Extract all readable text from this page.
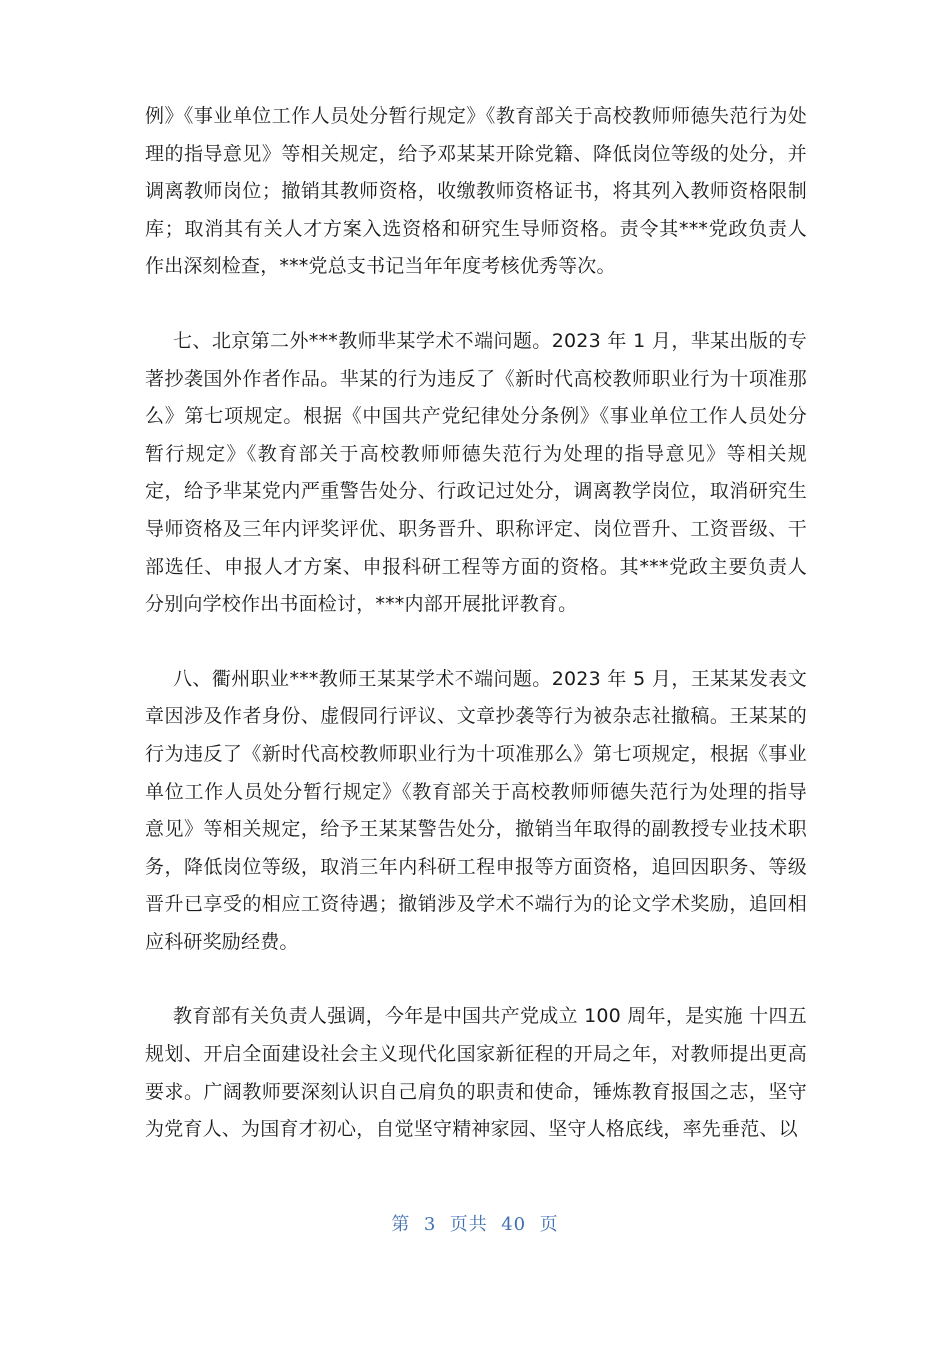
例》《事业单位工作人员处分暂行规定》《教育部关于高校教师师德失范行为处理的指导意见》等相关规定，给予邓某某开除党籍、降低岗位等级的处分，并调离教师岗位；撤销其教师资格，收缴教师资格证书，将其列入教师资格限制库；取消其有关人才方案入选资格和研究生导师资格。责令其***党政负责人作出深刻检查，***党总支书记当年年度考核优秀等次。

七、北京第二外***教师芈某学术不端问题。2023 年 1 月，芈某出版的专著抄袭国外作者作品。芈某的行为违反了《新时代高校教师职业行为十项准那么》第七项规定。根据《中国共产党纪律处分条例》《事业单位工作人员处分暂行规定》《教育部关于高校教师师德失范行为处理的指导意见》等相关规定，给予芈某党内严重警告处分、行政记过处分，调离教学岗位，取消研究生导师资格及三年内评奖评优、职务晋升、职称评定、岗位晋升、工资晋级、干部选任、申报人才方案、申报科研工程等方面的资格。其***党政主要负责人分别向学校作出书面检讨，***内部开展批评教育。

八、衢州职业***教师王某某学术不端问题。2023 年 5 月，王某某发表文章因涉及作者身份、虚假同行评议、文章抄袭等行为被杂志社撤稿。王某某的行为违反了《新时代高校教师职业行为十项准那么》第七项规定，根据《事业单位工作人员处分暂行规定》《教育部关于高校教师师德失范行为处理的指导意见》等相关规定，给予王某某警告处分，撤销当年取得的副教授专业技术职务，降低岗位等级，取消三年内科研工程申报等方面资格，追回因职务、等级晋升已享受的相应工资待遇；撤销涉及学术不端行为的论文学术奖励，追回相应科研奖励经费。

教育部有关负责人强调，今年是中国共产党成立 100 周年，是实施 十四五规划、开启全面建设社会主义现代化国家新征程的开局之年，对教师提出更高要求。广阔教师要深刻认识自己肩负的职责和使命，锤炼教育报国之志，坚守为党育人、为国育才初心，自觉坚守精神家园、坚守人格底线，率先垂范、以

第 3 页共 40 页
